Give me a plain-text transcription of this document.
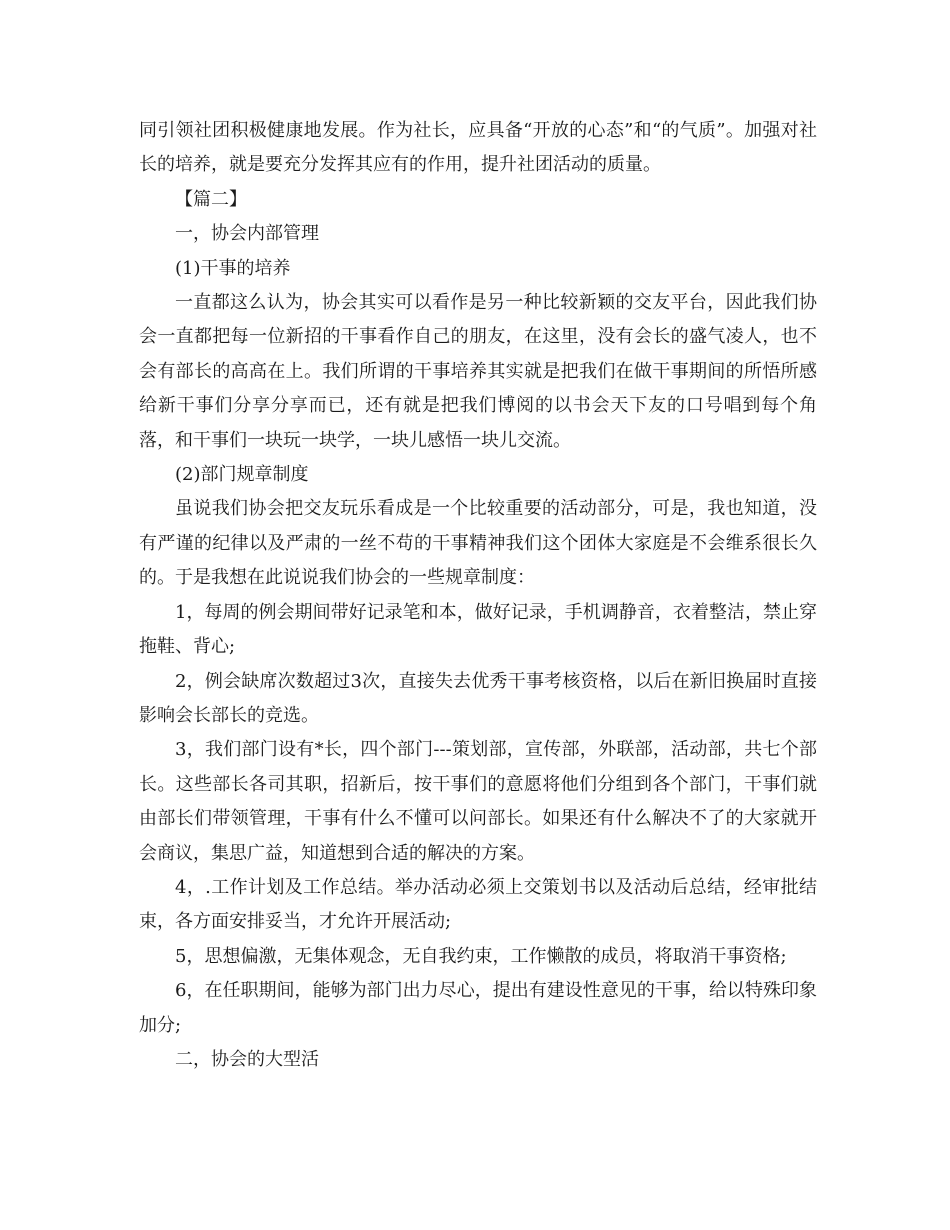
同引领社团积极健康地发展。作为社长，应具备“开放的心态”和“的气质”。加强对社长的培养，就是要充分发挥其应有的作用，提升社团活动的质量。

【篇二】

一，协会内部管理

(1)干事的培养

一直都这么认为，协会其实可以看作是另一种比较新颖的交友平台，因此我们协会一直都把每一位新招的干事看作自己的朋友，在这里，没有会长的盛气凌人，也不会有部长的高高在上。我们所谓的干事培养其实就是把我们在做干事期间的所悟所感给新干事们分享分享而已，还有就是把我们博阅的以书会天下友的口号唱到每个角落，和干事们一块玩一块学，一块儿感悟一块儿交流。

(2)部门规章制度

虽说我们协会把交友玩乐看成是一个比较重要的活动部分，可是，我也知道，没有严谨的纪律以及严肃的一丝不苟的干事精神我们这个团体大家庭是不会维系很长久的。于是我想在此说说我们协会的一些规章制度：

1，每周的例会期间带好记录笔和本，做好记录，手机调静音，衣着整洁，禁止穿拖鞋、背心;

2，例会缺席次数超过3次，直接失去优秀干事考核资格，以后在新旧换届时直接影响会长部长的竞选。

3，我们部门设有*长，四个部门---策划部，宣传部，外联部，活动部，共七个部长。这些部长各司其职，招新后，按干事们的意愿将他们分组到各个部门，干事们就由部长们带领管理，干事有什么不懂可以问部长。如果还有什么解决不了的大家就开会商议，集思广益，知道想到合适的解决的方案。

4，.工作计划及工作总结。举办活动必须上交策划书以及活动后总结，经审批结束，各方面安排妥当，才允许开展活动;

5，思想偏激，无集体观念，无自我约束，工作懒散的成员，将取消干事资格;

6，在任职期间，能够为部门出力尽心，提出有建设性意见的干事，给以特殊印象加分;

二，协会的大型活
